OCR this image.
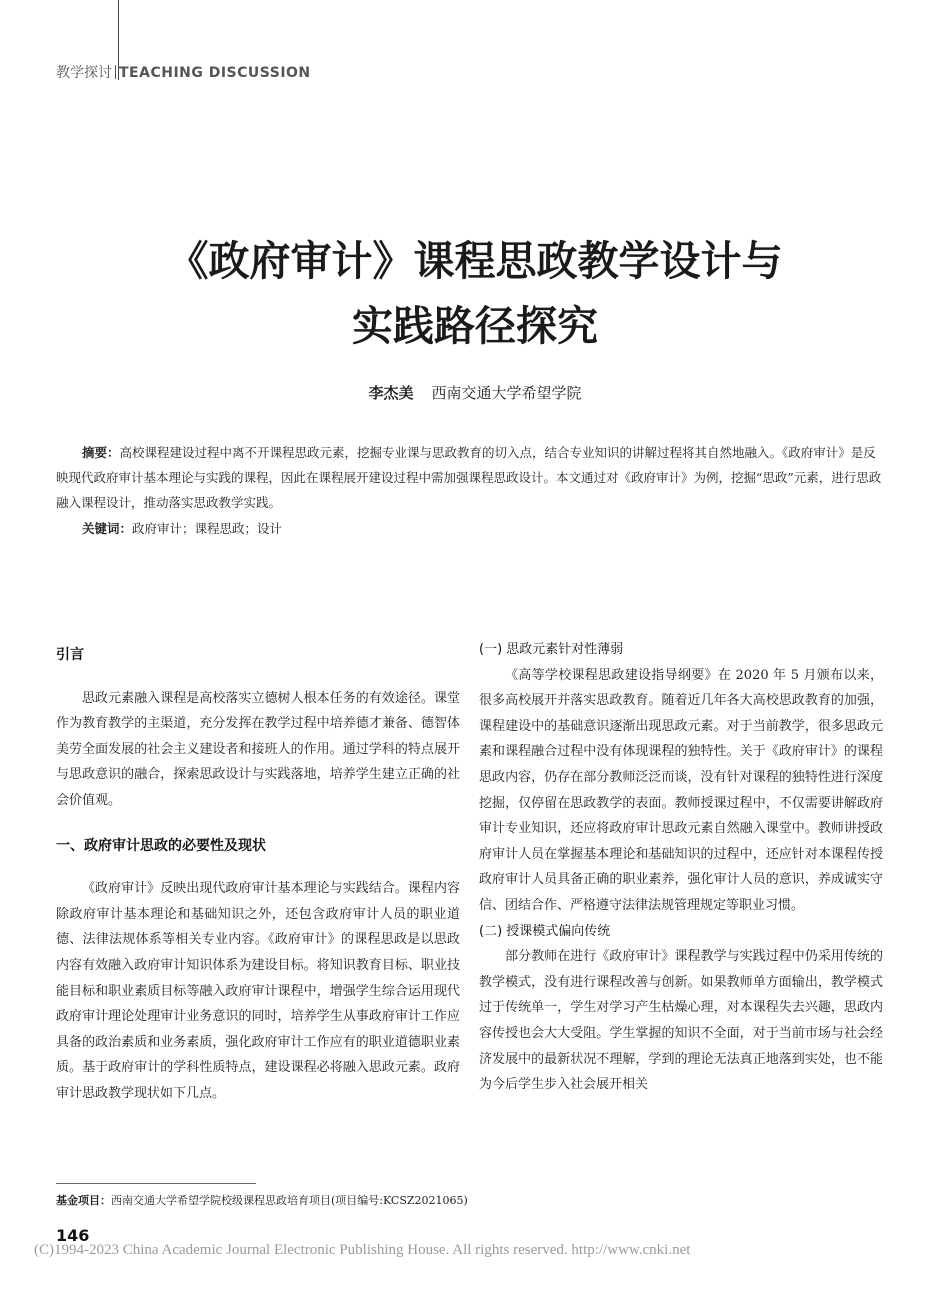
教学探讨 TEACHING DISCUSSION
《政府审计》课程思政教学设计与
实践路径探究
李杰美 西南交通大学希望学院

摘要：高校课程建设过程中离不开课程思政元素，挖掘专业课与思政教育的切入点，结合专业知识的讲解过程将其自然地融入。《政府审计》是反映现代政府审计基本理论与实践的课程，因此在课程展开建设过程中需加强课程思政设计。本文通过对《政府审计》为例，挖掘“思政”元素，进行思政融入课程设计，推动落实思政教学实践。

关键词：政府审计；课程思政；设计

引言

思政元素融入课程是高校落实立德树人根本任务的有效途径。课堂作为教育教学的主渠道，充分发挥在教学过程中培养德才兼备、德智体美劳全面发展的社会主义建设者和接班人的作用。通过学科的特点展开与思政意识的融合，探索思政设计与实践落地，培养学生建立正确的社会价值观。

一、政府审计思政的必要性及现状

《政府审计》反映出现代政府审计基本理论与实践结合。课程内容除政府审计基本理论和基础知识之外，还包含政府审计人员的职业道德、法律法规体系等相关专业内容。《政府审计》的课程思政是以思政内容有效融入政府审计知识体系为建设目标。将知识教育目标、职业技能目标和职业素质目标等融入政府审计课程中，增强学生综合运用现代政府审计理论处理审计业务意识的同时，培养学生从事政府审计工作应具备的政治素质和业务素质，强化政府审计工作应有的职业道德职业素质。基于政府审计的学科性质特点，建设课程必将融入思政元素。政府审计思政教学现状如下几点。

(一) 思政元素针对性薄弱

《高等学校课程思政建设指导纲要》在 2020 年 5 月颁布以来，很多高校展开并落实思政教育。随着近几年各大高校思政教育的加强，课程建设中的基础意识逐渐出现思政元素。对于当前教学，很多思政元素和课程融合过程中没有体现课程的独特性。关于《政府审计》的课程思政内容，仍存在部分教师泛泛而谈，没有针对课程的独特性进行深度挖掘，仅停留在思政教学的表面。教师授课过程中，不仅需要讲解政府审计专业知识，还应将政府审计思政元素自然融入课堂中。教师讲授政府审计人员在掌握基本理论和基础知识的过程中，还应针对本课程传授政府审计人员具备正确的职业素养，强化审计人员的意识，养成诚实守信、团结合作、严格遵守法律法规管理规定等职业习惯。

(二) 授课模式偏向传统

部分教师在进行《政府审计》课程教学与实践过程中仍采用传统的教学模式，没有进行课程改善与创新。如果教师单方面输出，教学模式过于传统单一，学生对学习产生枯燥心理，对本课程失去兴趣，思政内容传授也会大大受阻。学生掌握的知识不全面，对于当前市场与社会经济发展中的最新状况不理解，学到的理论无法真正地落到实处，也不能为今后学生步入社会展开相关

基金项目：西南交通大学希望学院校级课程思政培育项目(项目编号:KCSZ2021065)
146
(C)1994-2023 China Academic Journal Electronic Publishing House. All rights reserved. http://www.cnki.net
